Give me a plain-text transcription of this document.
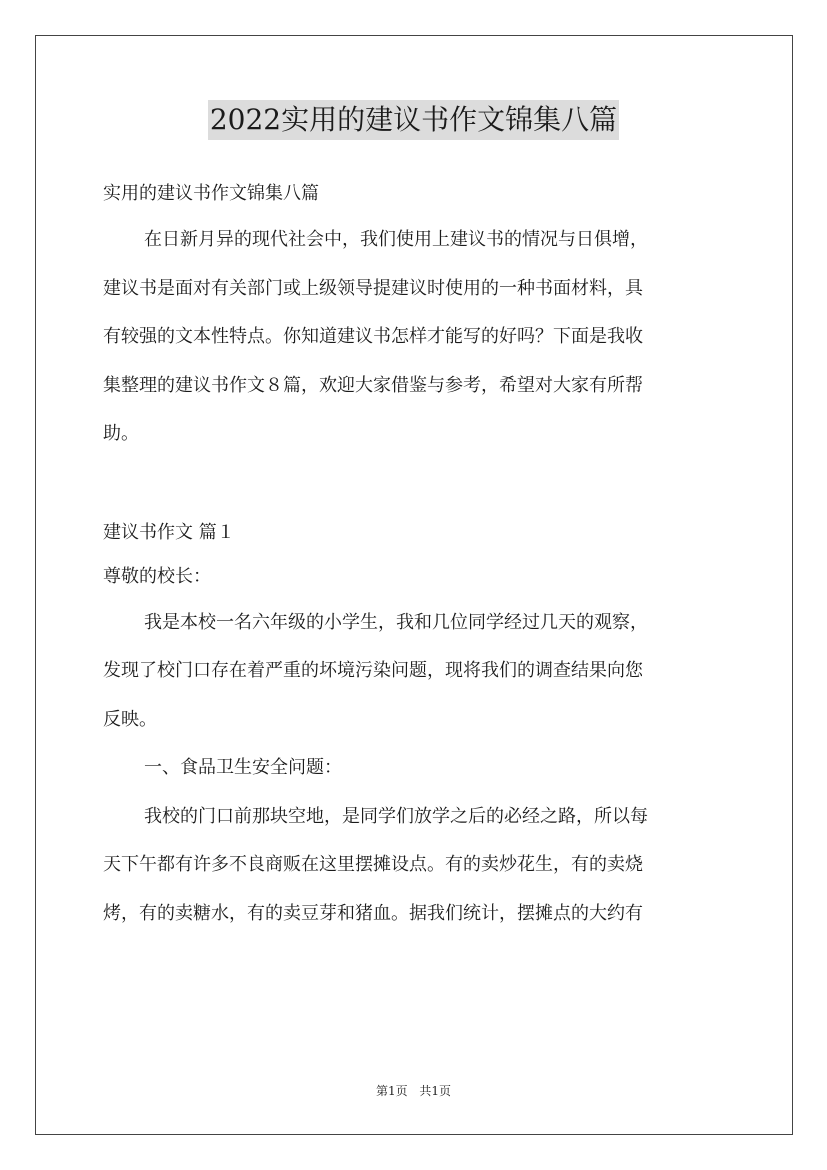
2022实用的建议书作文锦集八篇
实用的建议书作文锦集八篇
在日新月异的现代社会中，我们使用上建议书的情况与日俱增，
建议书是面对有关部门或上级领导提建议时使用的一种书面材料，具
有较强的文本性特点。你知道建议书怎样才能写的好吗？下面是我收
集整理的建议书作文８篇，欢迎大家借鉴与参考，希望对大家有所帮
助。
建议书作文 篇１
尊敬的校长：
我是本校一名六年级的小学生，我和几位同学经过几天的观察，
发现了校门口存在着严重的坏境污染问题，现将我们的调查结果向您
反映。
一、食品卫生安全问题：
我校的门口前那块空地，是同学们放学之后的必经之路，所以每
天下午都有许多不良商贩在这里摆摊设点。有的卖炒花生，有的卖烧
烤，有的卖糖水，有的卖豆芽和猪血。据我们统计，摆摊点的大约有
第1页 共1页
